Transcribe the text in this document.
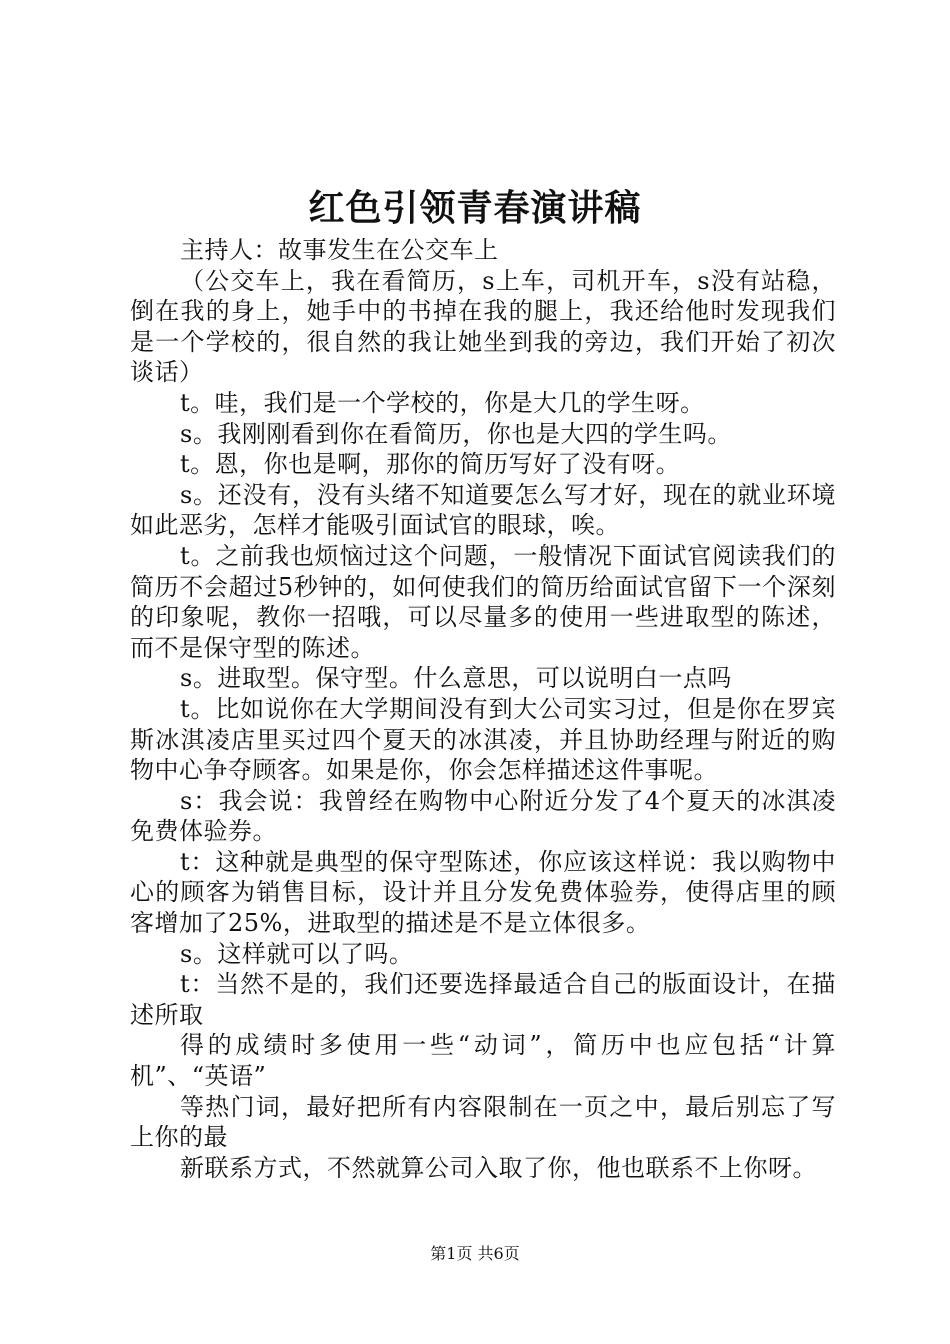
红色引领青春演讲稿

主持人：故事发生在公交车上

（公交车上，我在看简历，s上车，司机开车，s没有站稳，倒在我的身上，她手中的书掉在我的腿上，我还给他时发现我们是一个学校的，很自然的我让她坐到我的旁边，我们开始了初次谈话）

t。哇，我们是一个学校的，你是大几的学生呀。

s。我刚刚看到你在看简历，你也是大四的学生吗。

t。恩，你也是啊，那你的简历写好了没有呀。

s。还没有，没有头绪不知道要怎么写才好，现在的就业环境如此恶劣，怎样才能吸引面试官的眼球，唉。

t。之前我也烦恼过这个问题，一般情况下面试官阅读我们的简历不会超过5秒钟的，如何使我们的简历给面试官留下一个深刻的印象呢，教你一招哦，可以尽量多的使用一些进取型的陈述，而不是保守型的陈述。

s。进取型。保守型。什么意思，可以说明白一点吗

t。比如说你在大学期间没有到大公司实习过，但是你在罗宾斯冰淇凌店里买过四个夏天的冰淇凌，并且协助经理与附近的购物中心争夺顾客。如果是你，你会怎样描述这件事呢。

s：我会说：我曾经在购物中心附近分发了4个夏天的冰淇凌免费体验券。

t：这种就是典型的保守型陈述，你应该这样说：我以购物中心的顾客为销售目标，设计并且分发免费体验券，使得店里的顾客增加了25%，进取型的描述是不是立体很多。

s。这样就可以了吗。

t：当然不是的，我们还要选择最适合自己的版面设计，在描述所取

得的成绩时多使用一些“动词”，简历中也应包括“计算机”、“英语”

等热门词，最好把所有内容限制在一页之中，最后别忘了写上你的最

新联系方式，不然就算公司入取了你，他也联系不上你呀。

第1页 共6页
